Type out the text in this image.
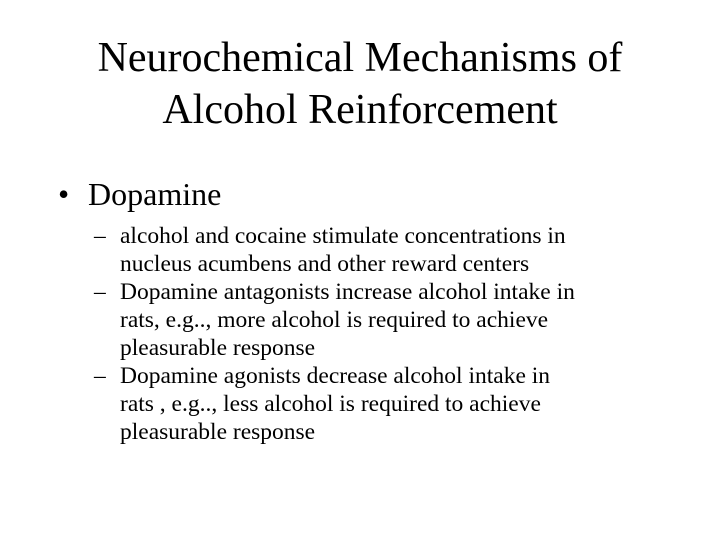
Neurochemical Mechanisms of
Alcohol Reinforcement
• Dopamine
– alcohol and cocaine stimulate concentrations in
nucleus acumbens and other reward centers
– Dopamine antagonists increase alcohol intake in
rats, e.g.., more alcohol is required to achieve
pleasurable response
– Dopamine agonists decrease alcohol intake in
rats , e.g.., less alcohol is required to achieve
pleasurable response
